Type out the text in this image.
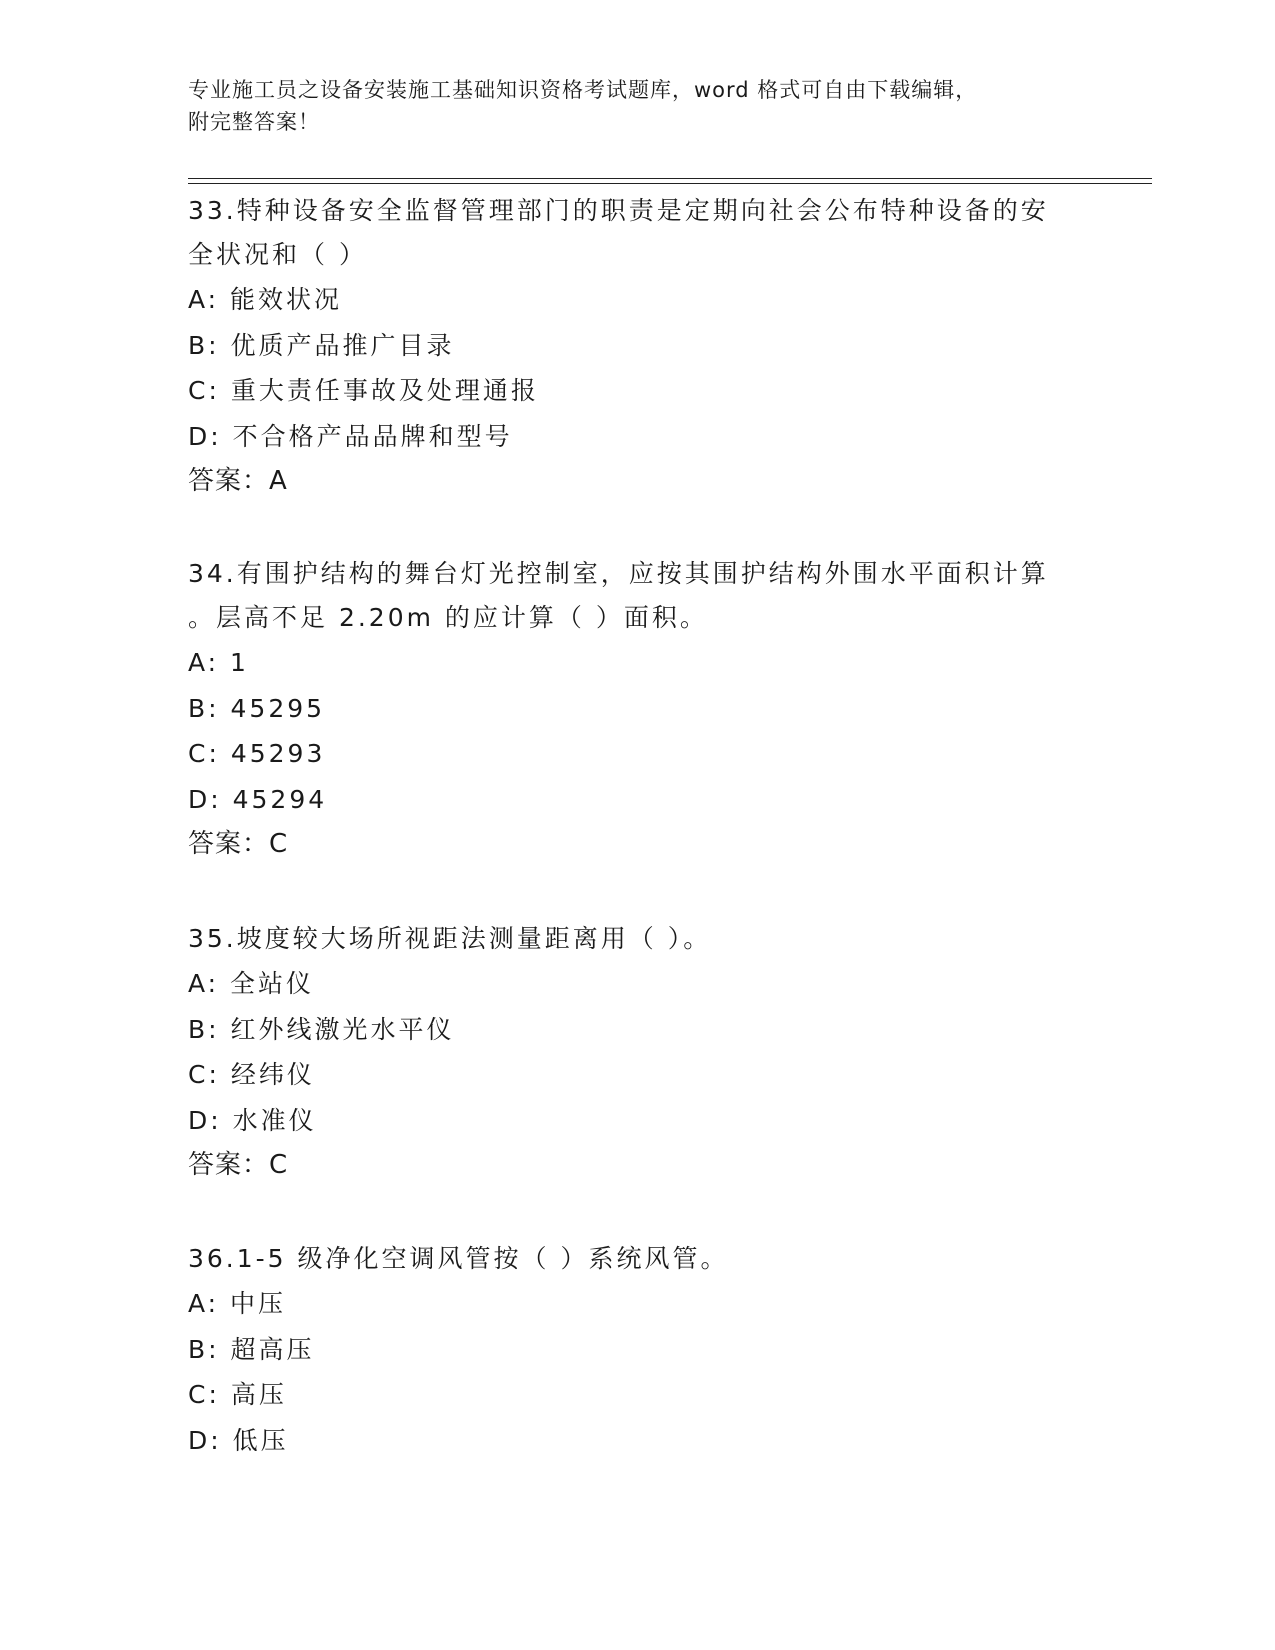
专业施工员之设备安装施工基础知识资格考试题库，word 格式可自由下载编辑，
附完整答案！
33.特种设备安全监督管理部门的职责是定期向社会公布特种设备的安
全状况和（ ）
A: 能效状况
B: 优质产品推广目录
C: 重大责任事故及处理通报
D: 不合格产品品牌和型号
答案：A
34.有围护结构的舞台灯光控制室，应按其围护结构外围水平面积计算
。层高不足 2.20m 的应计算（ ）面积。
A: 1
B: 45295
C: 45293
D: 45294
答案：C
35.坡度较大场所视距法测量距离用（ ）。
A: 全站仪
B: 红外线激光水平仪
C: 经纬仪
D: 水准仪
答案：C
36.1-5 级净化空调风管按（ ）系统风管。
A: 中压
B: 超高压
C: 高压
D: 低压
